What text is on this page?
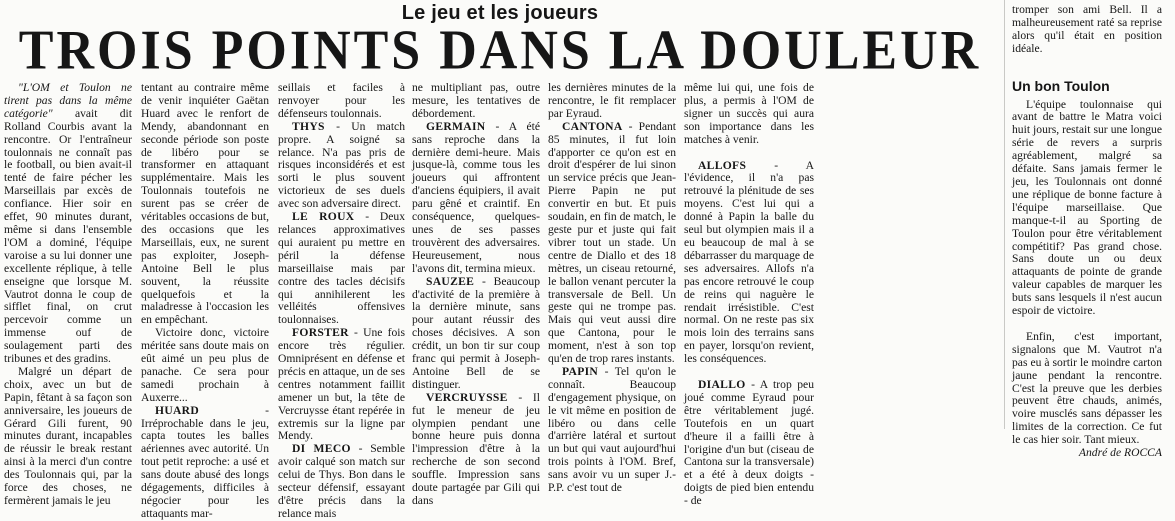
Le jeu et les joueurs
TROIS POINTS DANS LA DOULEUR

"L'OM et Toulon ne tirent pas dans la même catégorie" avait dit Rolland Courbis avant la rencontre. Or l'entraîneur toulonnais ne connaît pas le football, ou bien avait-il tenté de faire pécher les Marseillais par excès de confiance. Hier soir en effet, 90 minutes durant, même si dans l'ensemble l'OM a dominé, l'équipe varoise a su lui donner une excellente réplique, à telle enseigne que lorsque M. Vautrot donna le coup de sifflet final, on crut percevoir comme un immense ouf de soulagement parti des tribunes et des gradins.

Malgré un départ de choix, avec un but de Papin, fêtant à sa façon son anniversaire, les joueurs de Gérard Gili furent, 90 minutes durant, incapables de réussir le break restant ainsi à la merci d'un contre des Toulonnais qui, par la force des choses, ne fermèrent jamais le jeu

tentant au contraire même de venir inquiéter Gaëtan Huard avec le renfort de Mendy, abandonnant en seconde période son poste de libéro pour se transformer en attaquant supplémentaire. Mais les Toulonnais toutefois ne surent pas se créer de véritables occasions de but, des occasions que les Marseillais, eux, ne surent pas exploiter, Joseph-Antoine Bell le plus souvent, la réussite quelquefois et la maladresse à l'occasion les en empêchant.

Victoire donc, victoire méritée sans doute mais on eût aimé un peu plus de panache. Ce sera pour samedi prochain à Auxerre...

HUARD - Irréprochable dans le jeu, capta toutes les balles aériennes avec autorité. Un tout petit reproche: a usé et sans doute abusé des longs dégagements, difficiles à négocier pour les attaquants mar-

seillais et faciles à renvoyer pour les défenseurs toulonnais.

THYS - Un match propre. A soigné sa relance. N'a pas pris de risques inconsidérés et est sorti le plus souvent victorieux de ses duels avec son adversaire direct.

LE ROUX - Deux relances approximatives qui auraient pu mettre en péril la défense marseillaise mais par contre des tacles décisifs qui annihilerent les velléités offensives toulonnaises.

FORSTER - Une fois encore très régulier. Omniprésent en défense et précis en attaque, un de ses centres notamment faillit amener un but, la tête de Vercruysse étant repérée in extremis sur la ligne par Mendy.

DI MECO - Semble avoir calqué son match sur celui de Thys. Bon dans le secteur défensif, essayant d'être précis dans la relance mais

ne multipliant pas, outre mesure, les tentatives de débordement.

GERMAIN - A été sans reproche dans la dernière demi-heure. Mais jusque-là, comme tous les joueurs qui affrontent d'anciens équipiers, il avait paru gêné et craintif. En conséquence, quelques-unes de ses passes trouvèrent des adversaires. Heureusement, nous l'avons dit, termina mieux.

SAUZEE - Beaucoup d'activité de la première à la dernière minute, sans pour autant réussir des choses décisives. A son crédit, un bon tir sur coup franc qui permit à Joseph-Antoine Bell de se distinguer.

VERCRUYSSE - Il fut le meneur de jeu olympien pendant une bonne heure puis donna l'impression d'être à la recherche de son second souffle. Impression sans doute partagée par Gili qui dans

les dernières minutes de la rencontre, le fit remplacer par Eyraud.

CANTONA - Pendant 85 minutes, il fut loin d'apporter ce qu'on est en droit d'espérer de lui sinon un service précis que Jean-Pierre Papin ne put convertir en but. Et puis soudain, en fin de match, le geste pur et juste qui fait vibrer tout un stade. Un centre de Diallo et des 18 mètres, un ciseau retourné, le ballon venant percuter la transversale de Bell. Un geste qui ne trompe pas. Mais qui veut aussi dire que Cantona, pour le moment, n'est à son top qu'en de trop rares instants.

PAPIN - Tel qu'on le connaît. Beaucoup d'engagement physique, on le vit même en position de libéro ou dans celle d'arrière latéral et surtout un but qui vaut aujourd'hui trois points à l'OM. Bref, sans avoir vu un super J.-P.P. c'est tout de

même lui qui, une fois de plus, a permis à l'OM de signer un succès qui aura son importance dans les matches à venir.

ALLOFS - A l'évidence, il n'a pas retrouvé la plénitude de ses moyens. C'est lui qui a donné à Papin la balle du seul but olympien mais il a eu beaucoup de mal à se débarrasser du marquage de ses adversaires. Allofs n'a pas encore retrouvé le coup de reins qui naguère le rendait irrésistible. C'est normal. On ne reste pas six mois loin des terrains sans en payer, lorsqu'on revient, les conséquences.

DIALLO - A trop peu joué comme Eyraud pour être véritablement jugé. Toutefois en un quart d'heure il a failli être à l'origine d'un but (ciseau de Cantona sur la transversale) et a été à deux doigts - doigts de pied bien entendu - de

tromper son ami Bell. Il a malheureusement raté sa reprise alors qu'il était en position idéale.

Un bon Toulon

L'équipe toulonnaise qui avant de battre le Matra voici huit jours, restait sur une longue série de revers a surpris agréablement, malgré sa défaite. Sans jamais fermer le jeu, les Toulonnais ont donné une réplique de bonne facture à l'équipe marseillaise. Que manque-t-il au Sporting de Toulon pour être véritablement compétitif? Pas grand chose. Sans doute un ou deux attaquants de pointe de grande valeur capables de marquer les buts sans lesquels il n'est aucun espoir de victoire.

Enfin, c'est important, signalons que M. Vautrot n'a pas eu à sortir le moindre carton jaune pendant la rencontre. C'est la preuve que les derbies peuvent être chauds, animés, voire musclés sans dépasser les limites de la correction. Ce fut le cas hier soir. Tant mieux.

André de ROCCA
